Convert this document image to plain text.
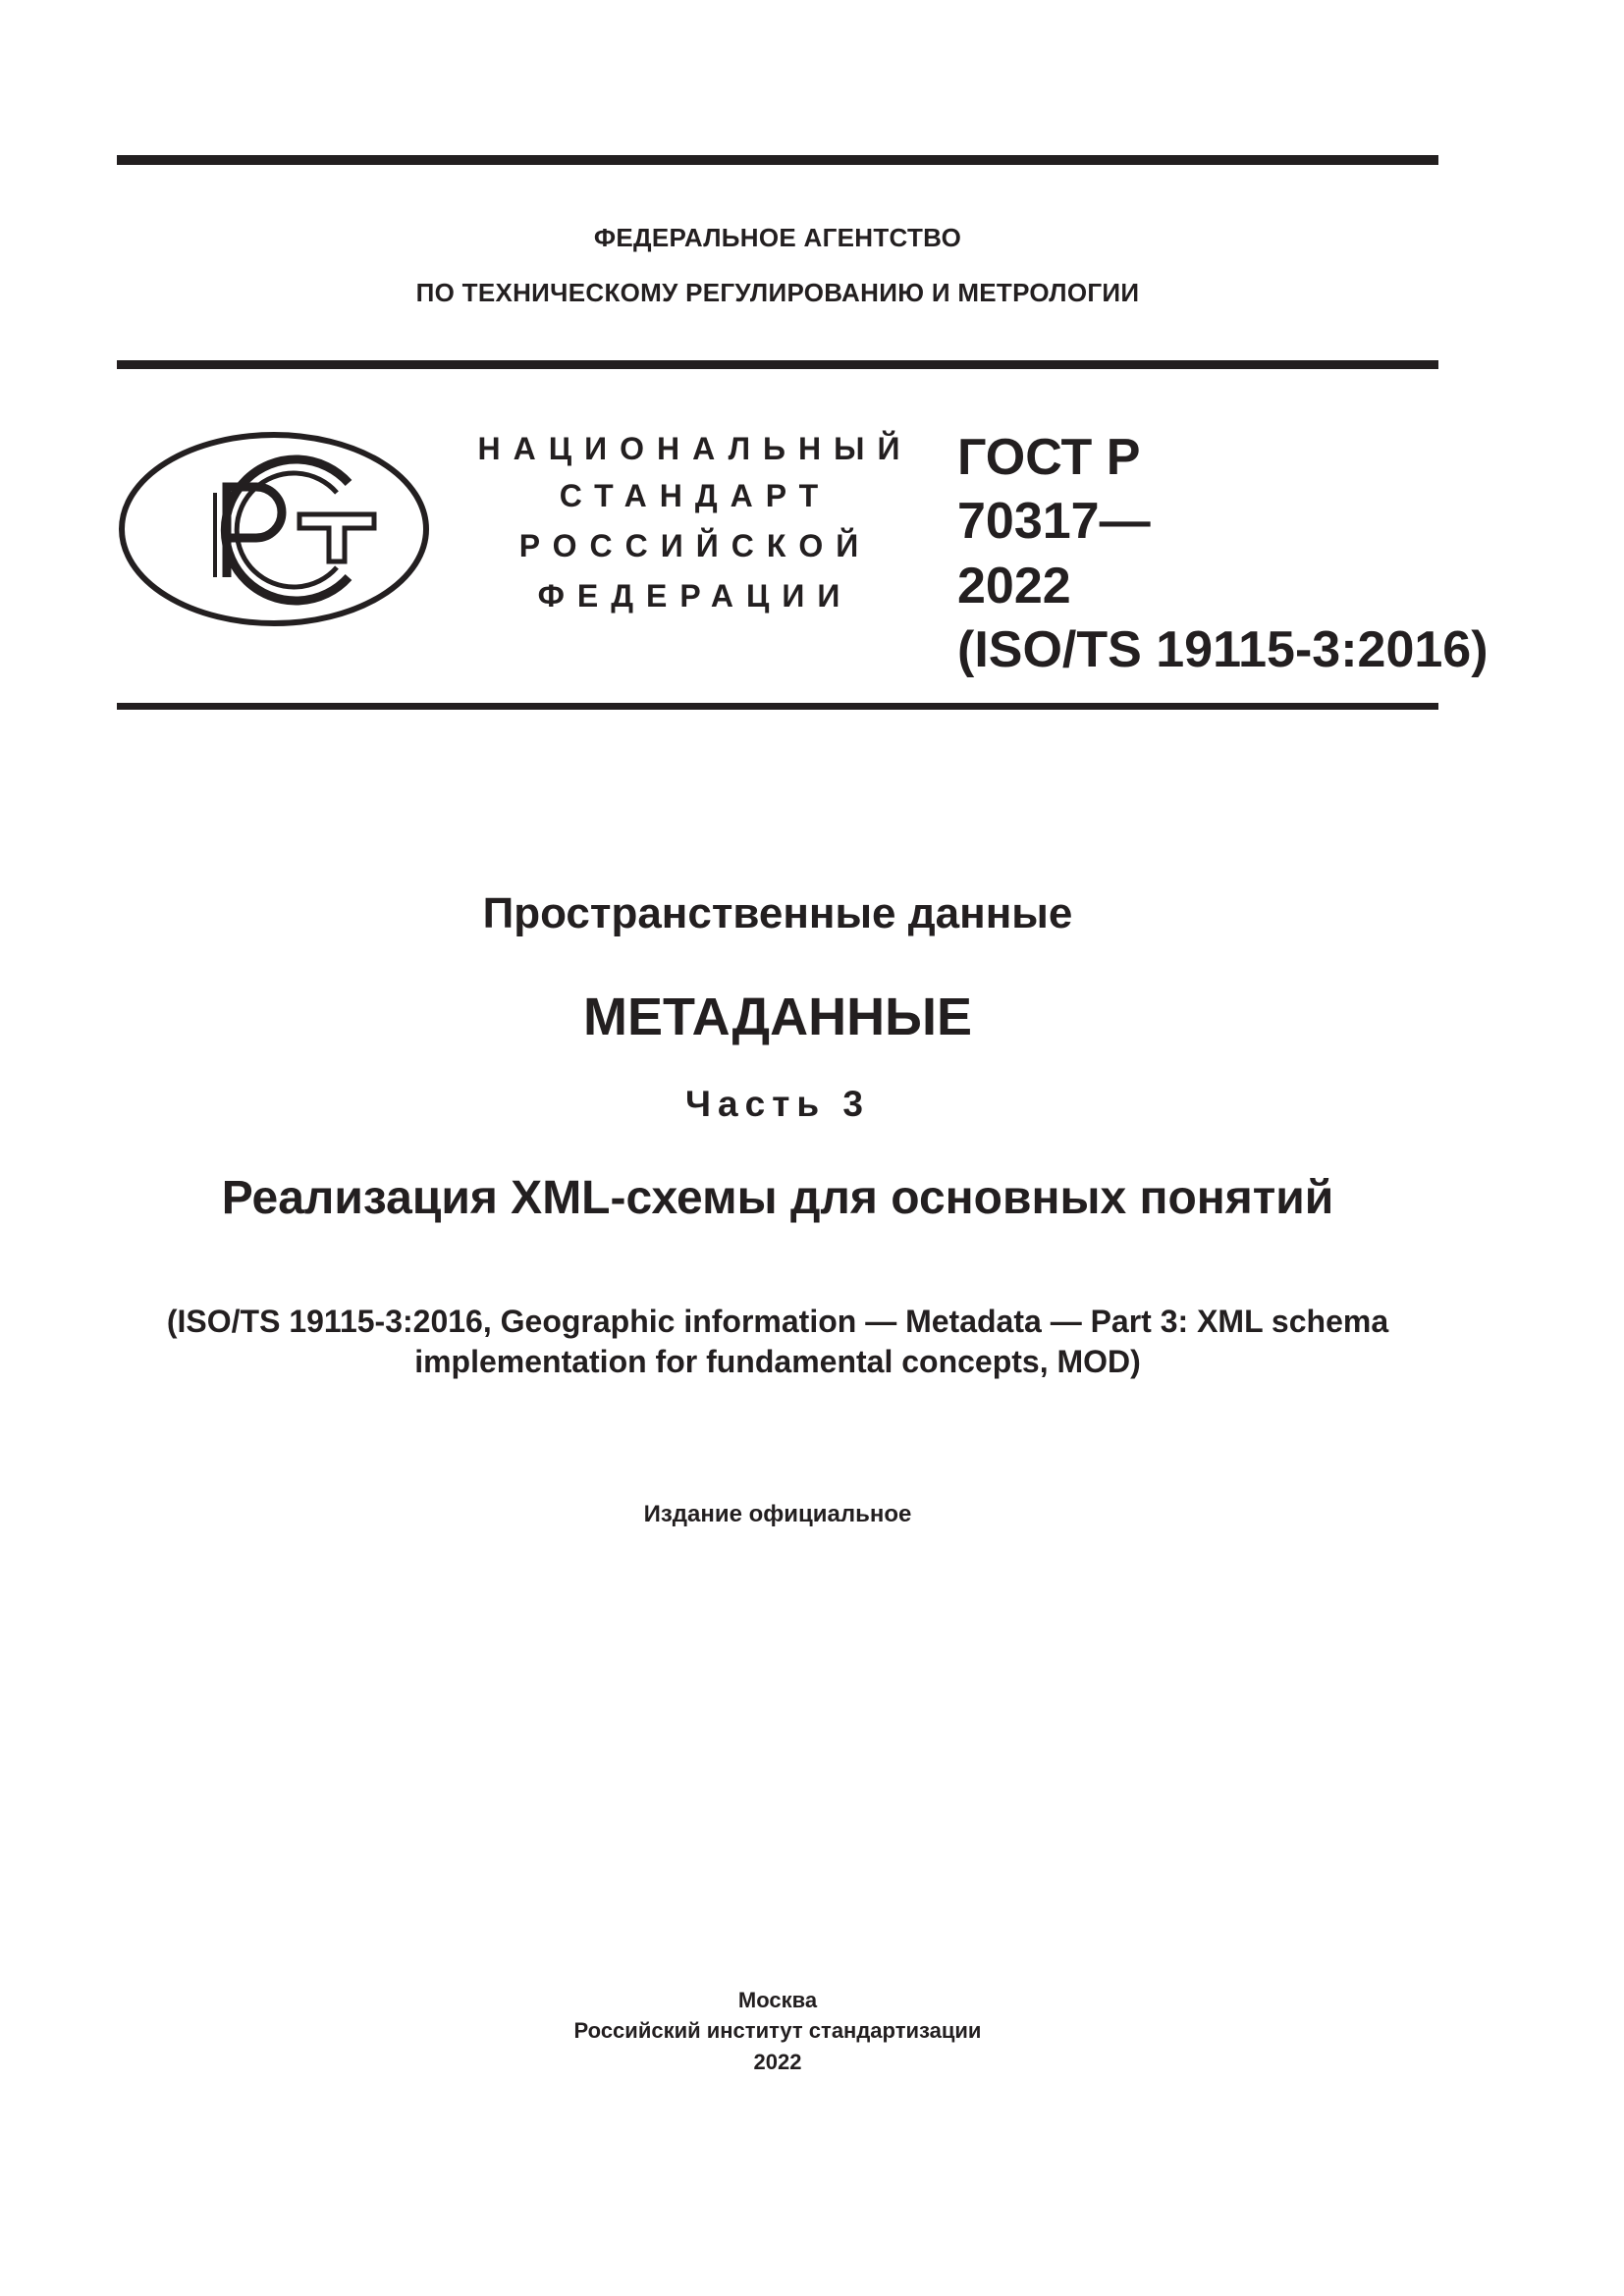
ФЕДЕРАЛЬНОЕ АГЕНТСТВО
ПО ТЕХНИЧЕСКОМУ РЕГУЛИРОВАНИЮ И МЕТРОЛОГИИ
НАЦИОНАЛЬНЫЙ
СТАНДАРТ
РОССИЙСКОЙ
ФЕДЕРАЦИИ
ГОСТ Р
70317—
2022
(ISO/TS 19115-3:2016)
Пространственные данные
МЕТАДАННЫЕ
Часть 3
Реализация XML-схемы для основных понятий
(ISO/TS 19115-3:2016, Geographic information — Metadata — Part 3: XML schema
implementation for fundamental concepts, MOD)
Издание официальное
Москва
Российский институт стандартизации
2022
